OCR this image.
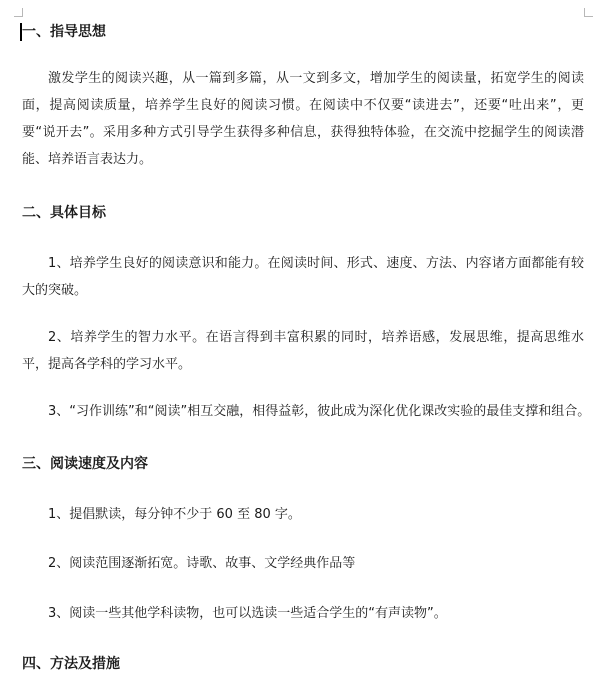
一、指导思想
激发学生的阅读兴趣，从一篇到多篇，从一文到多文，增加学生的阅读量，拓宽学生的阅读面，提高阅读质量，培养学生良好的阅读习惯。在阅读中不仅要“读进去”，还要“吐出来”，更要“说开去”。采用多种方式引导学生获得多种信息，获得独特体验，在交流中挖掘学生的阅读潜能、培养语言表达力。
二、具体目标
1、培养学生良好的阅读意识和能力。在阅读时间、形式、速度、方法、内容诸方面都能有较大的突破。
2、培养学生的智力水平。在语言得到丰富积累的同时，培养语感，发展思维，提高思维水平，提高各学科的学习水平。
3、“习作训练”和“阅读”相互交融，相得益彰，彼此成为深化优化课改实验的最佳支撑和组合。
三、阅读速度及内容
1、提倡默读，每分钟不少于 60 至 80 字。
2、阅读范围逐渐拓宽。诗歌、故事、文学经典作品等
3、阅读一些其他学科读物，也可以选读一些适合学生的“有声读物”。
四、方法及措施
